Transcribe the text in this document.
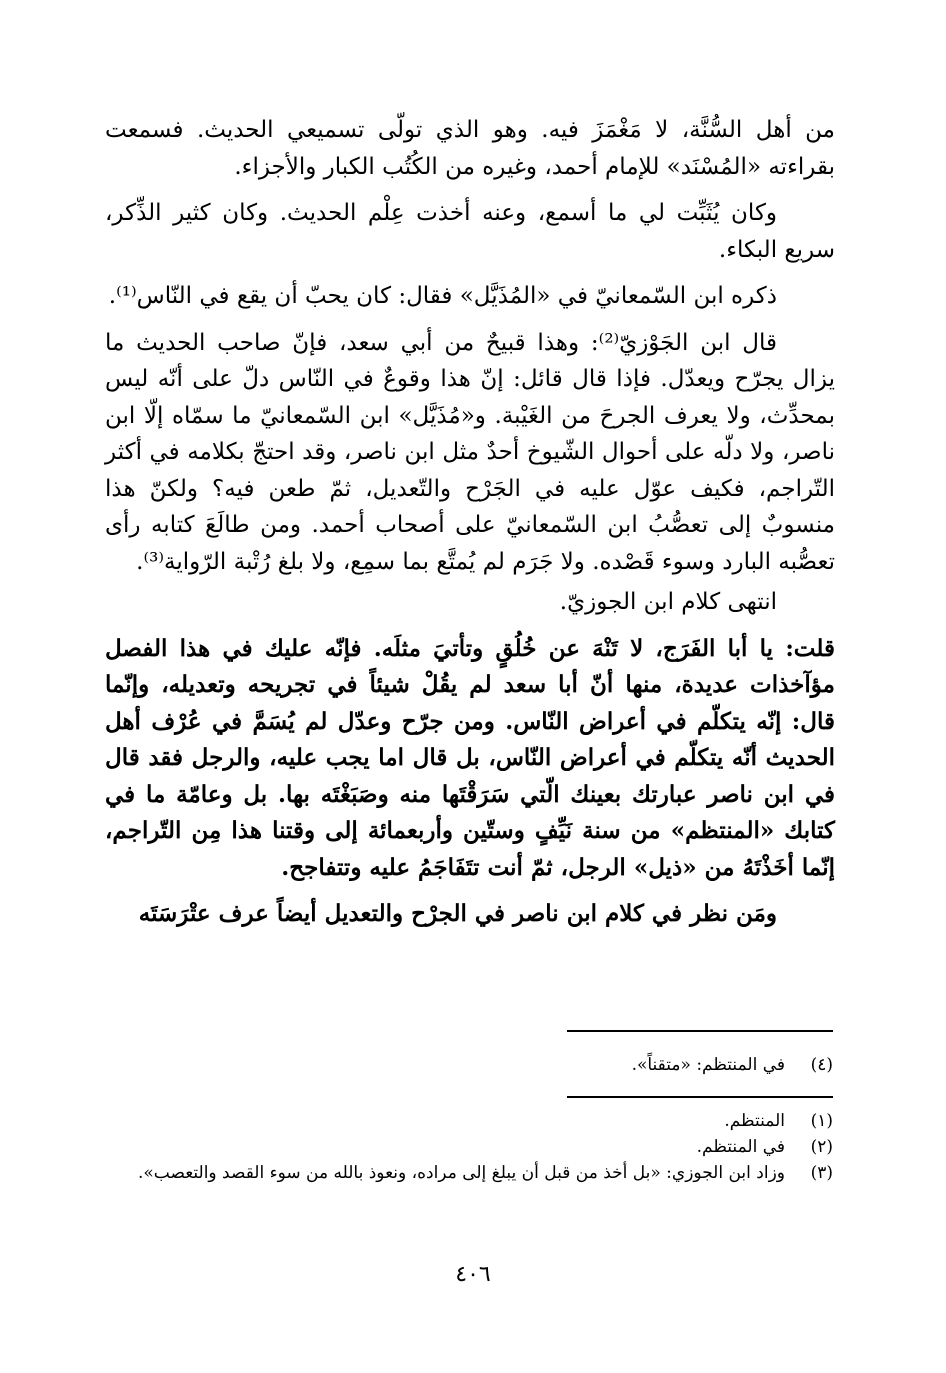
من أهل السُّنَّة، لا مَغْمَزَ فيه. وهو الذي تولّى تسميعي الحديث. فسمعت بقراءته «المُسْنَد» للإمام أحمد، وغيره من الكُتُب الكبار والأجزاء.

وكان يُثَبِّت لي ما أسمع، وعنه أخذت عِلْم الحديث. وكان كثير الذِّكر، سريع البكاء.

ذكره ابن السّمعانيّ في «المُذَيَّل» فقال: كان يحبّ أن يقع في النّاس⁽¹⁾.

قال ابن الجَوْزيّ⁽²⁾: وهذا قبيحٌ من أبي سعد، فإنّ صاحب الحديث ما يزال يجرّح ويعدّل. فإذا قال قائل: إنّ هذا وقوعٌ في النّاس دلّ على أنّه ليس بمحدِّث، ولا يعرف الجرحَ من الغَيْبة. و«مُذَيَّل» ابن السّمعانيّ ما سمّاه إلّا ابن ناصر، ولا دلّه على أحوال الشّيوخ أحدٌ مثل ابن ناصر، وقد احتجّ بكلامه في أكثر التّراجم، فكيف عوّل عليه في الجَرْح والتّعديل، ثمّ طعن فيه؟ ولكنّ هذا منسوبٌ إلى تعصُّبُ ابن السّمعانيّ على أصحاب أحمد. ومن طالَعَ كتابه رأى تعصُّبه البارد وسوء قَصْده. ولا جَرَم لم يُمتَّع بما سمِع، ولا بلغ رُتْبة الرّواية⁽³⁾.

انتهى كلام ابن الجوزيّ.

قلت: يا أبا الفَرَج، لا تَنْهَ عن خُلُقٍ وتأتيَ مثلَه. فإنّه عليك في هذا الفصل مؤآخذات عديدة، منها أنّ أبا سعد لم يقُلْ شيئاً في تجريحه وتعديله، وإنّما قال: إنّه يتكلّم في أعراض النّاس. ومن جرّح وعدّل لم يُسَمَّ في عُرْف أهل الحديث أنّه يتكلّم في أعراض النّاس، بل قال اما يجب عليه، والرجل فقد قال في ابن ناصر عبارتك بعينك الّتي سَرَقْتَها منه وصَبَغْتَه بها. بل وعامّة ما في كتابك «المنتظم» من سنة نَيِّفٍ وستّين وأربعمائة إلى وقتنا هذا مِن التّراجم، إنّما أخَذْتَهُ من «ذيل» الرجل، ثمّ أنت تتَفَاجَمُ عليه وتتفاجح.

ومَن نظر في كلام ابن ناصر في الجرْح والتعديل أيضاً عرف عتْرَسَتَه

(٤)
في المنتظم: «متقناً».
(١)
المنتظم.
(٢)
في المنتظم.
(٣)
وزاد ابن الجوزي: «بل أخذ من قبل أن يبلغ إلى مراده، ونعوذ بالله من سوء القصد والتعصب».
٤٠٦
